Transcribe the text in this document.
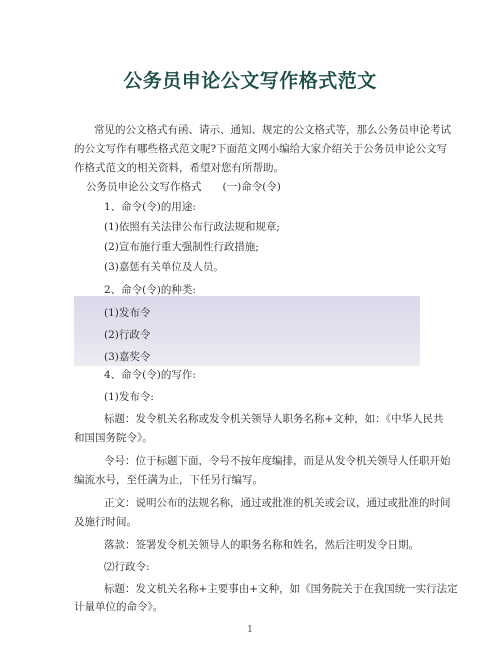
公务员申论公文写作格式范文
常见的公文格式有函、请示、通知、规定的公文格式等，那么公务员申论考试
的公文写作有哪些格式范文呢?下面范文网小编给大家介绍关于公务员申论公文写
作格式范文的相关资料，希望对您有所帮助。
公务员申论公文写作格式　　(一)命令(令)
1、命令(令)的用途:
(1)依照有关法律公布行政法规和规章;
(2)宣布施行重大强制性行政措施;
(3)嘉惩有关单位及人员。
2、命令(令)的种类:
(1)发布令
(2)行政令
(3)嘉奖令
4、命令(令)的写作:
(1)发布令:
标题：发令机关名称或发令机关领导人职务名称+文种，如：《中华人民共
和国国务院令》。
令号：位于标题下面，令号不按年度编排，而是从发令机关领导人任职开始
编流水号，至任满为止，下任另行编写。
正文：说明公布的法规名称，通过或批准的机关或会议，通过或批准的时间
及施行时间。
落款：签署发令机关领导人的职务名称和姓名，然后注明发令日期。
⑵行政令:
标题：发文机关名称+主要事由+文种，如《国务院关于在我国统一实行法定
计量单位的命令》。
1
